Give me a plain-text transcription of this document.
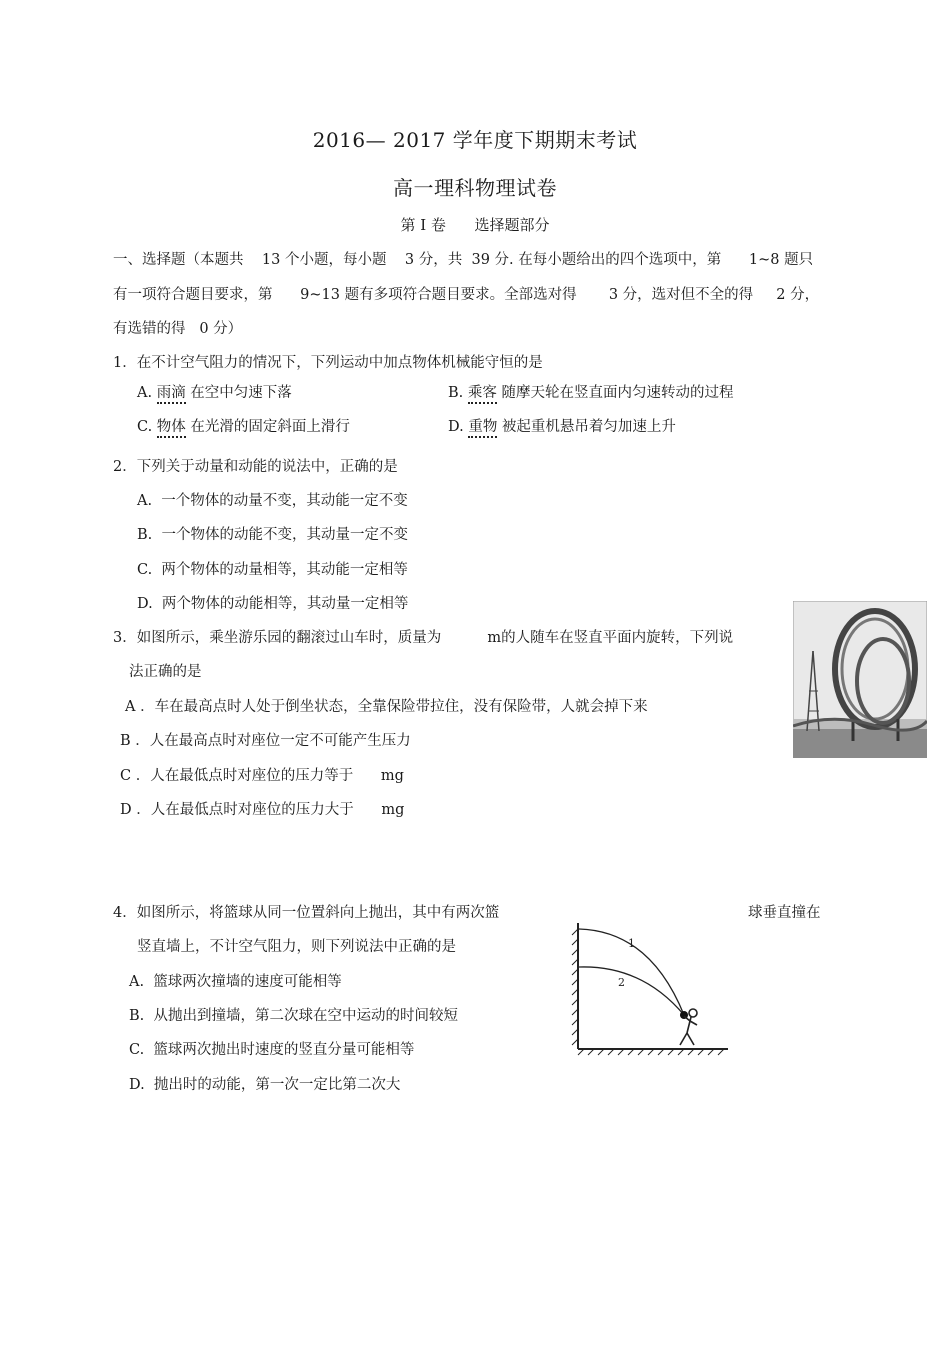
2016— 2017 学年度下期期末考试
高一理科物理试卷
第 I 卷      选择题部分
一、选择题（本题共    13 个小题，每小题    3 分，共  39 分. 在每小题给出的四个选项中，第      1~8 题只
有一项符合题目要求，第      9~13 题有多项符合题目要求。全部选对得       3 分，选对但不全的得     2 分，
有选错的得   0 分）
1．在不计空气阻力的情况下，下列运动中加点物体机械能守恒的是
A. 雨滴 在空中匀速下落	B. 乘客 随摩天轮在竖直面内匀速转动的过程
C. 物体 在光滑的固定斜面上滑行	D. 重物 被起重机悬吊着匀加速上升
2．下列关于动量和动能的说法中，正确的是
A.  一个物体的动量不变，其动能一定不变
B.  一个物体的动能不变，其动量一定不变
C.  两个物体的动量相等，其动能一定相等
D.  两个物体的动能相等，其动量一定相等
3．如图所示，乘坐游乐园的翻滚过山车时，质量为          m的人随车在竖直平面内旋转，下列说
法正确的是
A ．车在最高点时人处于倒坐状态，全靠保险带拉住，没有保险带，人就会掉下来
B ．人在最高点时对座位一定不可能产生压力
C ．人在最低点时对座位的压力等于      mg
D ．人在最低点时对座位的压力大于      mg
4．如图所示，将篮球从同一位置斜向上抛出，其中有两次篮	球垂直撞在
竖直墙上，不计空气阻力，则下列说法中正确的是
A.  篮球两次撞墙的速度可能相等
B.  从抛出到撞墙，第二次球在空中运动的时间较短
C.  篮球两次抛出时速度的竖直分量可能相等
D.  抛出时的动能，第一次一定比第二次大
1
2
